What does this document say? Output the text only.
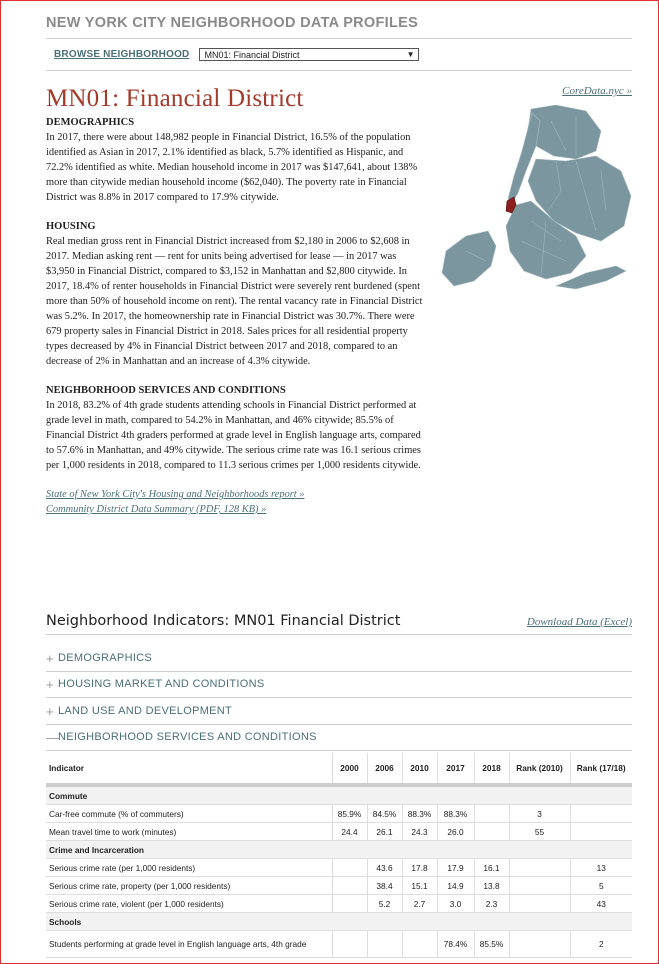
NEW YORK CITY NEIGHBORHOOD DATA PROFILES
BROWSE NEIGHBORHOOD MN01: Financial District	▼
MN01: Financial District	CoreData.nyc »

DEMOGRAPHICS

In 2017, there were about 148,982 people in Financial District, 16.5% of the population identified as Asian in 2017, 2.1% identified as black, 5.7% identified as Hispanic, and 72.2% identified as white. Median household income in 2017 was $147,641, about 138% more than citywide median household income ($62,040). The poverty rate in Financial District was 8.8% in 2017 compared to 17.9% citywide.

HOUSING

Real median gross rent in Financial District increased from $2,180 in 2006 to $2,608 in 2017. Median asking rent — rent for units being advertised for lease — in 2017 was $3,950 in Financial District, compared to $3,152 in Manhattan and $2,800 citywide. In 2017, 18.4% of renter households in Financial District were severely rent burdened (spent more than 50% of household income on rent). The rental vacancy rate in Financial District was 5.2%. In 2017, the homeownership rate in Financial District was 30.7%. There were 679 property sales in Financial District in 2018. Sales prices for all residential property types decreased by 4% in Financial District between 2017 and 2018, compared to an decrease of 2% in Manhattan and an increase of 4.3% citywide.

NEIGHBORHOOD SERVICES AND CONDITIONS

In 2018, 83.2% of 4th grade students attending schools in Financial District performed at grade level in math, compared to 54.2% in Manhattan, and 46% citywide; 85.5% of Financial District 4th graders performed at grade level in English language arts, compared to 57.6% in Manhattan, and 49% citywide. The serious crime rate was 16.1 serious crimes per 1,000 residents in 2018, compared to 11.3 serious crimes per 1,000 residents citywide.

State of New York City's Housing and Neighborhoods report »
Community District Data Summary (PDF, 128 KB) »
Neighborhood Indicators: MN01 Financial District	Download Data (Excel)
+ DEMOGRAPHICS
+ HOUSING MARKET AND CONDITIONS
+ LAND USE AND DEVELOPMENT
—
NEIGHBORHOOD SERVICES AND CONDITIONS
Indicator	2000	2006	2010	2017	2018	Rank (2010)	Rank (17/18)
Commute							
Car-free commute (% of commuters)	85.9%	84.5%	88.3%	88.3%		3	
Mean travel time to work (minutes)	24.4	26.1	24.3	26.0		55	
Crime and Incarceration							
Serious crime rate (per 1,000 residents)		43.6	17.8	17.9	16.1		13
Serious crime rate, property (per 1,000 residents)		38.4	15.1	14.9	13.8		5
Serious crime rate, violent (per 1,000 residents)		5.2	2.7	3.0	2.3		43
Schools							
Students performing at grade level in English language arts, 4th grade				78.4%	85.5%		2
